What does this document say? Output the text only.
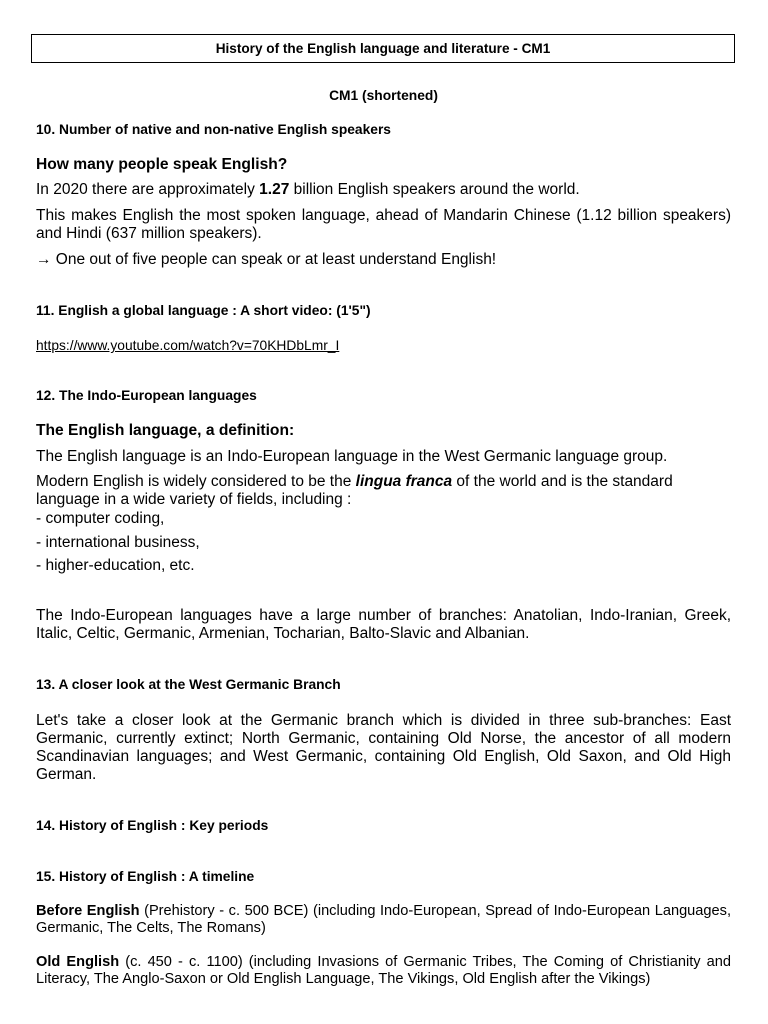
History of the English language and literature - CM1
CM1 (shortened)
10. Number of native and non-native English speakers
How many people speak English?
In 2020 there are approximately 1.27 billion English speakers around the world.
This makes English the most spoken language, ahead of Mandarin Chinese (1.12 billion speakers) and Hindi (637 million speakers).
→ One out of five people can speak or at least understand English!
11. English a global language : A short video: (1'5")
https://www.youtube.com/watch?v=70KHDbLmr_I
12. The Indo-European languages
The English language, a definition:
The English language is an Indo-European language in the West Germanic language group.
Modern English is widely considered to be the lingua franca of the world and is the standard language in a wide variety of fields, including :
- computer coding,
- international business,
- higher-education, etc.
The Indo-European languages have a large number of branches: Anatolian, Indo-Iranian, Greek, Italic, Celtic, Germanic, Armenian, Tocharian, Balto-Slavic and Albanian.
13. A closer look at the West Germanic Branch
Let's take a closer look at the Germanic branch which is divided in three sub-branches: East Germanic, currently extinct; North Germanic, containing Old Norse, the ancestor of all modern Scandinavian languages; and West Germanic, containing Old English, Old Saxon, and Old High German.
14. History of English : Key periods
15. History of English : A timeline
Before English (Prehistory - c. 500 BCE) (including Indo-European, Spread of Indo-European Languages, Germanic, The Celts, The Romans)
Old English (c. 450 - c. 1100) (including Invasions of Germanic Tribes, The Coming of Christianity and Literacy, The Anglo-Saxon or Old English Language, The Vikings, Old English after the Vikings)
